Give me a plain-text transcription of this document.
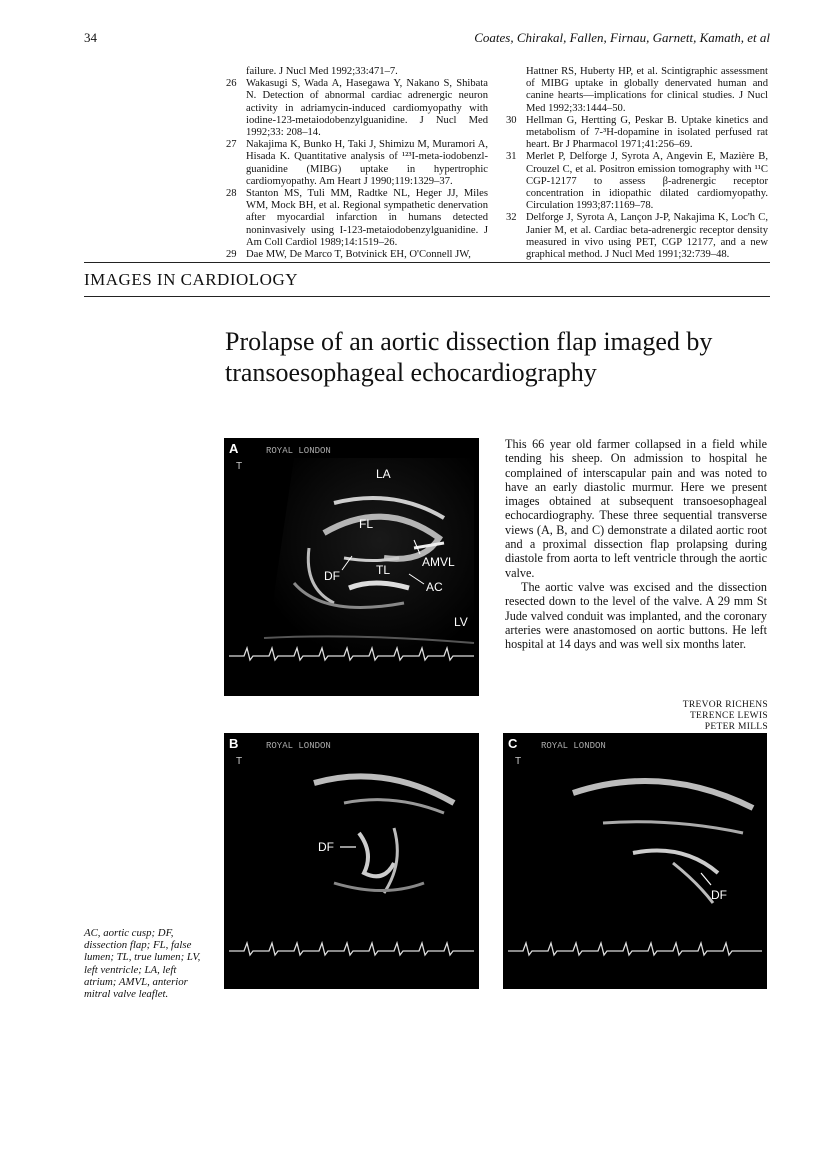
34	Coates, Chirakal, Fallen, Firnau, Garnett, Kamath, et al
failure. J Nucl Med 1992;33:471–7.
26 Wakasugi S, Wada A, Hasegawa Y, Nakano S, Shibata N. Detection of abnormal cardiac adrenergic neuron activity in adriamycin-induced cardiomyopathy with iodine-123-metaiodobenzylguanidine. J Nucl Med 1992;33: 208–14.
27 Nakajima K, Bunko H, Taki J, Shimizu M, Muramori A, Hisada K. Quantitative analysis of ¹²³I-meta-iodobenzl-guanidine (MIBG) uptake in hypertrophic cardiomyopathy. Am Heart J 1990;119:1329–37.
28 Stanton MS, Tuli MM, Radtke NL, Heger JJ, Miles WM, Mock BH, et al. Regional sympathetic denervation after myocardial infarction in humans detected noninvasively using I-123-metaiodobenzylguanidine. J Am Coll Cardiol 1989;14:1519–26.
29 Dae MW, De Marco T, Botvinick EH, O'Connell JW,
Hattner RS, Huberty HP, et al. Scintigraphic assessment of MIBG uptake in globally denervated human and canine hearts—implications for clinical studies. J Nucl Med 1992;33:1444–50.
30 Hellman G, Hertting G, Peskar B. Uptake kinetics and metabolism of 7-³H-dopamine in isolated perfused rat heart. Br J Pharmacol 1971;41:256–69.
31 Merlet P, Delforge J, Syrota A, Angevin E, Mazière B, Crouzel C, et al. Positron emission tomography with ¹¹C CGP-12177 to assess β-adrenergic receptor concentration in idiopathic dilated cardiomyopathy. Circulation 1993;87:1169–78.
32 Delforge J, Syrota A, Lançon J-P, Nakajima K, Loc'h C, Janier M, et al. Cardiac beta-adrenergic receptor density measured in vivo using PET, CGP 12177, and a new graphical method. J Nucl Med 1991;32:739–48.
IMAGES IN CARDIOLOGY
Prolapse of an aortic dissection flap imaged by transoesophageal echocardiography
A	ROYAL LONDON
T
LA
FL
AMVL
DF	TL
AC
LV
B	ROYAL LONDON
T
DF
C	ROYAL LONDON
T
DF

This 66 year old farmer collapsed in a field while tending his sheep. On admission to hospital he complained of interscapular pain and was noted to have an early diastolic murmur. Here we present images obtained at subsequent transoesophageal echocardiography. These three sequential transverse views (A, B, and C) demonstrate a dilated aortic root and a proximal dissection flap prolapsing during diastole from aorta to left ventricle through the aortic valve.

The aortic valve was excised and the dissection resected down to the level of the valve. A 29 mm St Jude valved conduit was implanted, and the coronary arteries were anastomosed on aortic buttons. He left hospital at 14 days and was well six months later.

TREVOR RICHENS
TERENCE LEWIS
PETER MILLS
AC, aortic cusp; DF, dissection flap; FL, false lumen; TL, true lumen; LV, left ventricle; LA, left atrium; AMVL, anterior mitral valve leaflet.
